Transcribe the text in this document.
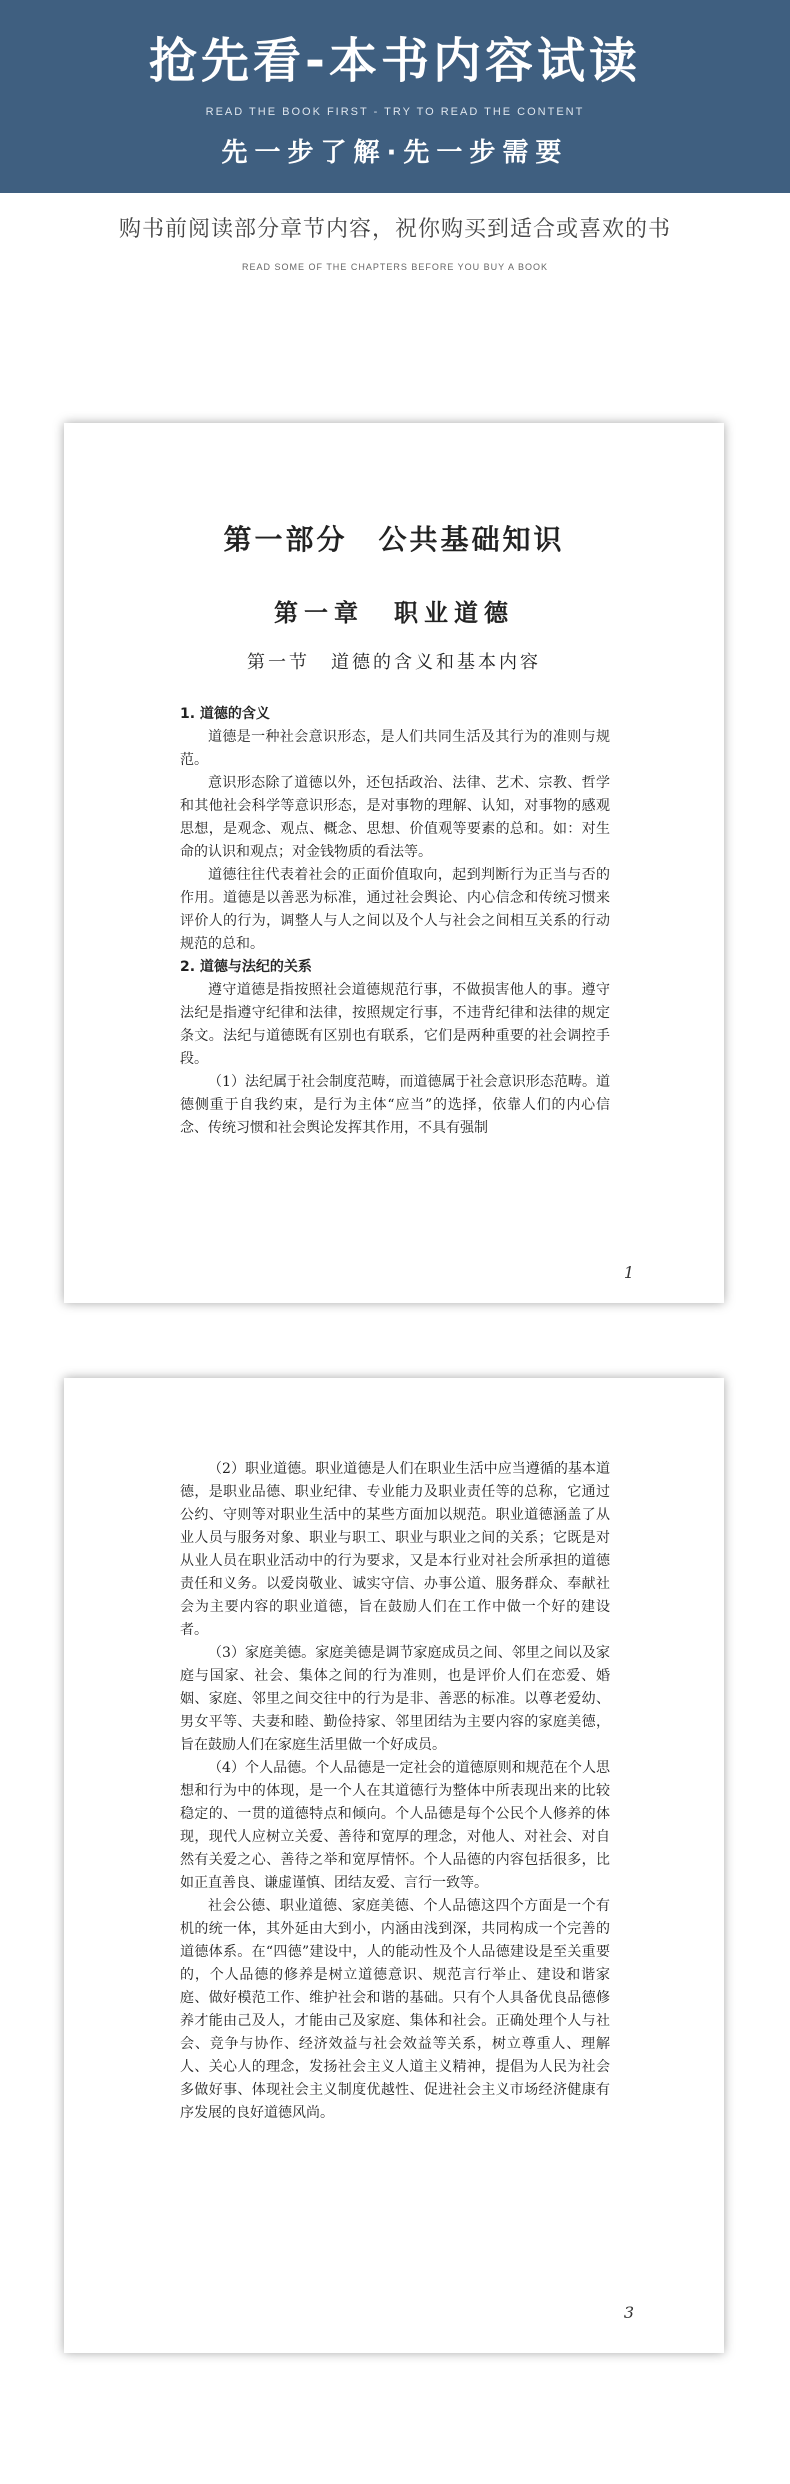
抢先看-本书内容试读
READ THE BOOK FIRST - TRY TO READ THE CONTENT
先一步了解·先一步需要
购书前阅读部分章节内容，祝你购买到适合或喜欢的书
READ SOME OF THE CHAPTERS BEFORE YOU BUY A BOOK
第一部分　公共基础知识
第一章　职业道德
第一节　道德的含义和基本内容
1. 道德的含义

道德是一种社会意识形态，是人们共同生活及其行为的准则与规范。

意识形态除了道德以外，还包括政治、法律、艺术、宗教、哲学和其他社会科学等意识形态，是对事物的理解、认知，对事物的感观思想，是观念、观点、概念、思想、价值观等要素的总和。如：对生命的认识和观点；对金钱物质的看法等。

道德往往代表着社会的正面价值取向，起到判断行为正当与否的作用。道德是以善恶为标准，通过社会舆论、内心信念和传统习惯来评价人的行为，调整人与人之间以及个人与社会之间相互关系的行动规范的总和。

2. 道德与法纪的关系

遵守道德是指按照社会道德规范行事，不做损害他人的事。遵守法纪是指遵守纪律和法律，按照规定行事，不违背纪律和法律的规定条文。法纪与道德既有区别也有联系，它们是两种重要的社会调控手段。

（1）法纪属于社会制度范畴，而道德属于社会意识形态范畴。道德侧重于自我约束，是行为主体“应当”的选择，依靠人们的内心信念、传统习惯和社会舆论发挥其作用，不具有强制

1

（2）职业道德。职业道德是人们在职业生活中应当遵循的基本道德，是职业品德、职业纪律、专业能力及职业责任等的总称，它通过公约、守则等对职业生活中的某些方面加以规范。职业道德涵盖了从业人员与服务对象、职业与职工、职业与职业之间的关系；它既是对从业人员在职业活动中的行为要求，又是本行业对社会所承担的道德责任和义务。以爱岗敬业、诚实守信、办事公道、服务群众、奉献社会为主要内容的职业道德，旨在鼓励人们在工作中做一个好的建设者。

（3）家庭美德。家庭美德是调节家庭成员之间、邻里之间以及家庭与国家、社会、集体之间的行为准则，也是评价人们在恋爱、婚姻、家庭、邻里之间交往中的行为是非、善恶的标准。以尊老爱幼、男女平等、夫妻和睦、勤俭持家、邻里团结为主要内容的家庭美德，旨在鼓励人们在家庭生活里做一个好成员。

（4）个人品德。个人品德是一定社会的道德原则和规范在个人思想和行为中的体现，是一个人在其道德行为整体中所表现出来的比较稳定的、一贯的道德特点和倾向。个人品德是每个公民个人修养的体现，现代人应树立关爱、善待和宽厚的理念，对他人、对社会、对自然有关爱之心、善待之举和宽厚情怀。个人品德的内容包括很多，比如正直善良、谦虚谨慎、团结友爱、言行一致等。

社会公德、职业道德、家庭美德、个人品德这四个方面是一个有机的统一体，其外延由大到小，内涵由浅到深，共同构成一个完善的道德体系。在“四德”建设中，人的能动性及个人品德建设是至关重要的，个人品德的修养是树立道德意识、规范言行举止、建设和谐家庭、做好模范工作、维护社会和谐的基础。只有个人具备优良品德修养才能由己及人，才能由己及家庭、集体和社会。正确处理个人与社会、竞争与协作、经济效益与社会效益等关系，树立尊重人、理解人、关心人的理念，发扬社会主义人道主义精神，提倡为人民为社会多做好事、体现社会主义制度优越性、促进社会主义市场经济健康有序发展的良好道德风尚。

3
